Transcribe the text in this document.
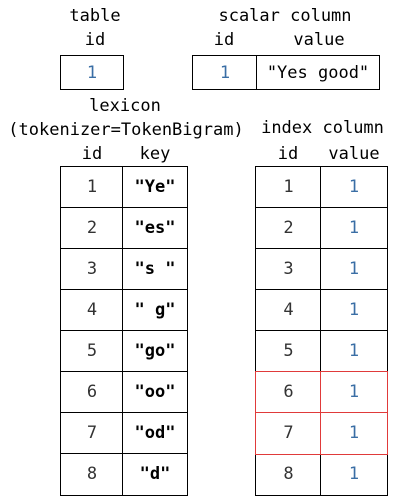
table
id
1
scalar column
id	value
1	"Yes good"
lexicon
(tokenizer=TokenBigram)
id	key
1	"Ye"
2	"es"
3	"s "
4	" g"
5	"go"
6	"oo"
7	"od"
8	"d"
index column
id	value
1	1
2	1
3	1
4	1
5	1
6	1
7	1
8	1
